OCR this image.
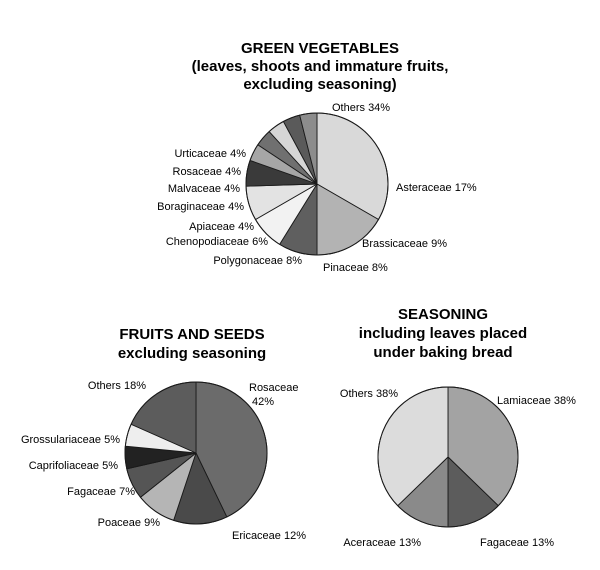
GREEN VEGETABLES
(leaves, shoots and immature fruits,
excluding seasoning)
Others 34%
Asteraceae 17%
Brassicaceae 9%
Pinaceae 8%
Polygonaceae 8%
Chenopodiaceae 6%
Apiaceae 4%
Boraginaceae 4%
Malvaceae 4%
Rosaceae 4%
Urticaceae 4%
FRUITS AND SEEDS
excluding seasoning
Rosaceae
42%
Ericaceae 12%
Poaceae 9%
Fagaceae 7%
Caprifoliaceae 5%
Grossulariaceae 5%
Others 18%
SEASONING
including leaves placed
under baking bread
Lamiaceae 38%
Fagaceae 13%
Aceraceae 13%
Others 38%
